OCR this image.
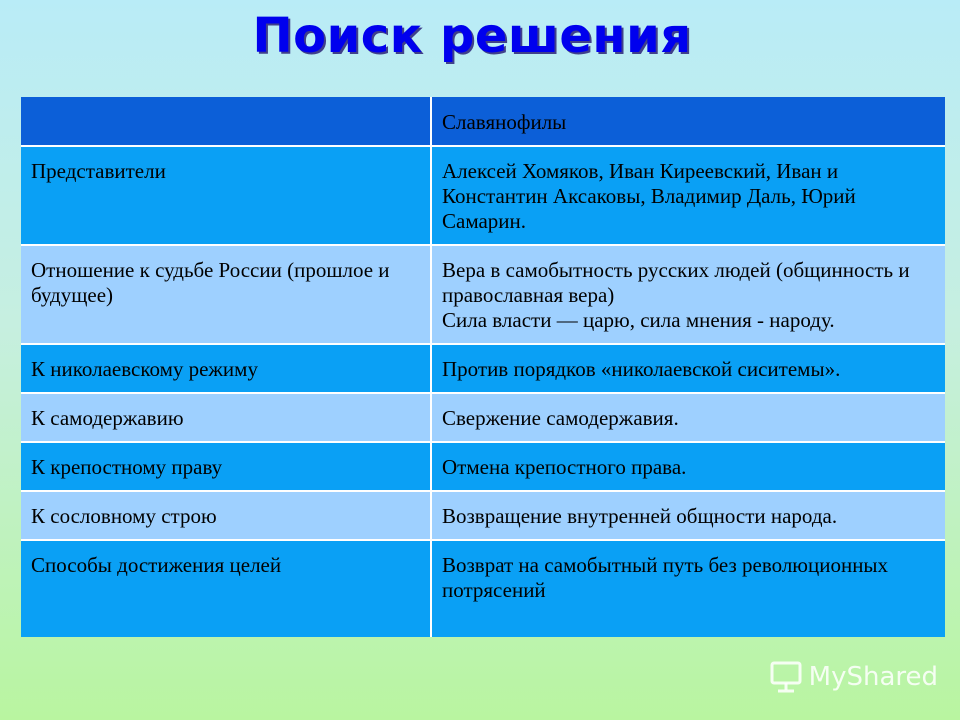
Поиск решения
	Славянофилы
Представители	Алексей Хомяков, Иван Киреевский, Иван и Константин Аксаковы, Владимир Даль, Юрий Самарин.
Отношение к судьбе России (прошлое и будущее)	Вера в самобытность русских людей (общинность и православная вера)
Сила власти — царю, сила мнения - народу.
К николаевскому режиму	Против порядков «николаевской сиситемы».
К самодержавию	Свержение самодержавия.
К крепостному праву	Отмена крепостного права.
К сословному строю	Возвращение внутренней общности народа.
Способы достижения целей	Возврат на самобытный путь без революционных потрясений
MyShared
